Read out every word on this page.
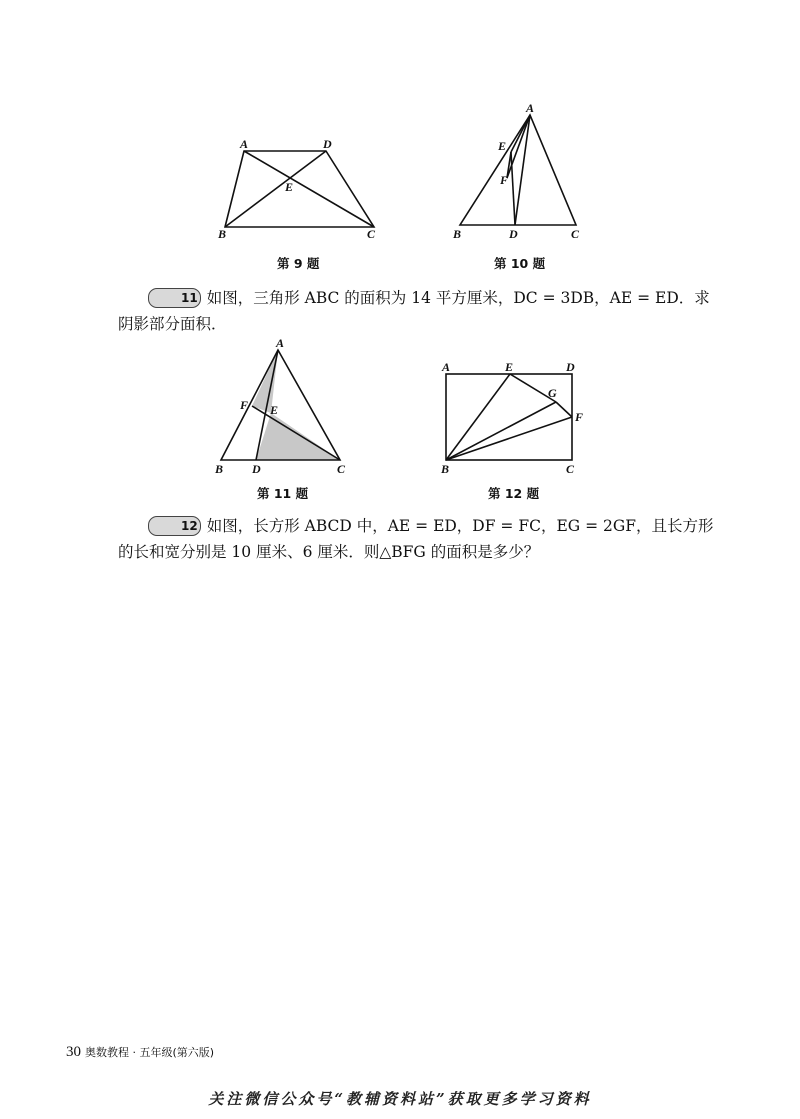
A	D
E
B	C
第 9 题
A
E
F
B	D	C
第 10 题

11 如图，三角形 ABC 的面积为 14 平方厘米，DC = 3DB，AE = ED．求

阴影部分面积．

A
F E
B D	C
第 11 题
A	E	D
G
F
B	C
第 12 题

12 如图，长方形 ABCD 中，AE = ED，DF = FC，EG = 2GF，且长方形

的长和宽分别是 10 厘米、6 厘米．则△BFG 的面积是多少？

30 奥数教程 · 五年级(第六版)
关注微信公众号“教辅资料站”获取更多学习资料
